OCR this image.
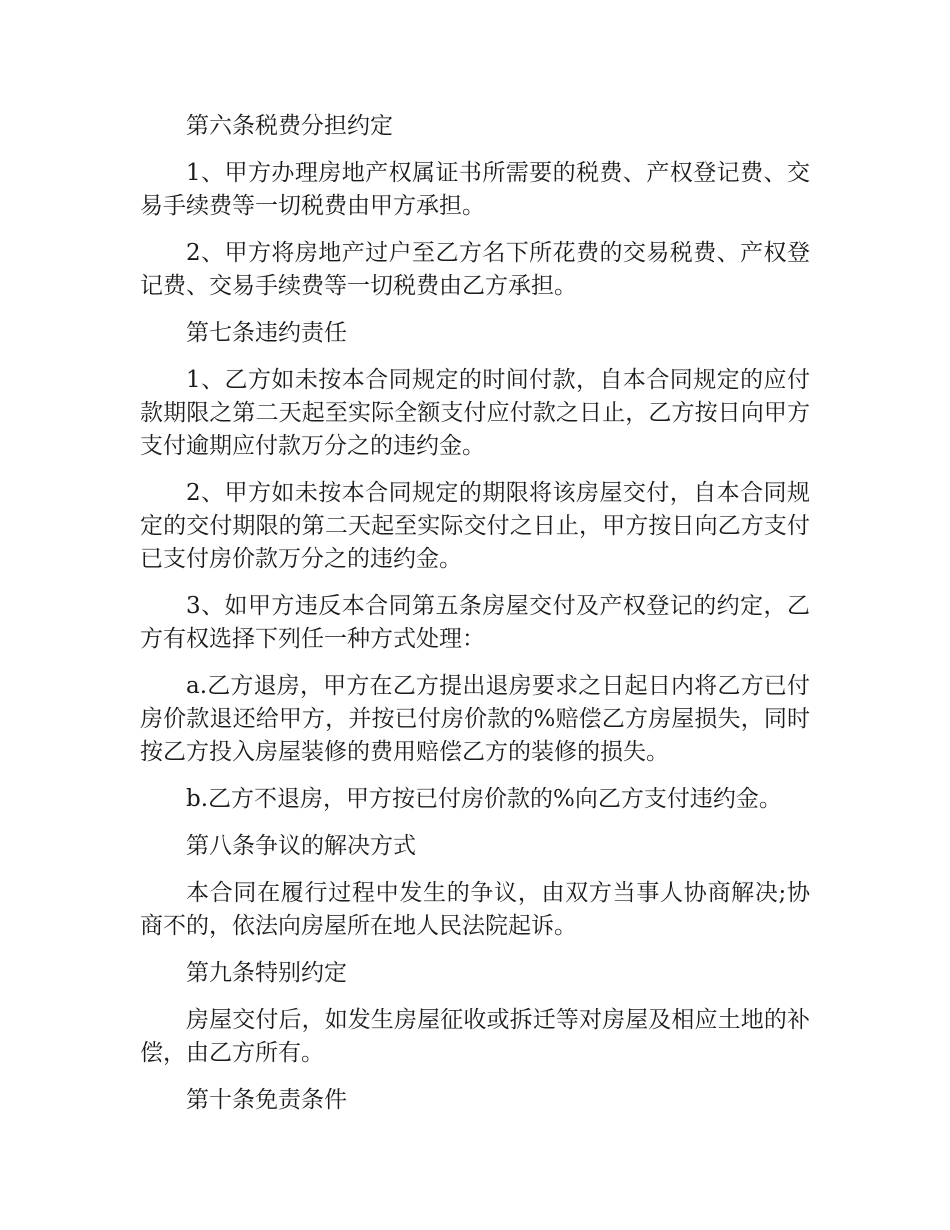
第六条税费分担约定

1、甲方办理房地产权属证书所需要的税费、产权登记费、交易手续费等一切税费由甲方承担。

2、甲方将房地产过户至乙方名下所花费的交易税费、产权登记费、交易手续费等一切税费由乙方承担。

第七条违约责任

1、乙方如未按本合同规定的时间付款，自本合同规定的应付款期限之第二天起至实际全额支付应付款之日止，乙方按日向甲方支付逾期应付款万分之的违约金。

2、甲方如未按本合同规定的期限将该房屋交付，自本合同规定的交付期限的第二天起至实际交付之日止，甲方按日向乙方支付已支付房价款万分之的违约金。

3、如甲方违反本合同第五条房屋交付及产权登记的约定，乙方有权选择下列任一种方式处理：

a.乙方退房，甲方在乙方提出退房要求之日起日内将乙方已付房价款退还给甲方，并按已付房价款的%赔偿乙方房屋损失，同时按乙方投入房屋装修的费用赔偿乙方的装修的损失。

b.乙方不退房，甲方按已付房价款的%向乙方支付违约金。

第八条争议的解决方式

本合同在履行过程中发生的争议，由双方当事人协商解决;协商不的，依法向房屋所在地人民法院起诉。

第九条特别约定

房屋交付后，如发生房屋征收或拆迁等对房屋及相应土地的补偿，由乙方所有。

第十条免责条件
